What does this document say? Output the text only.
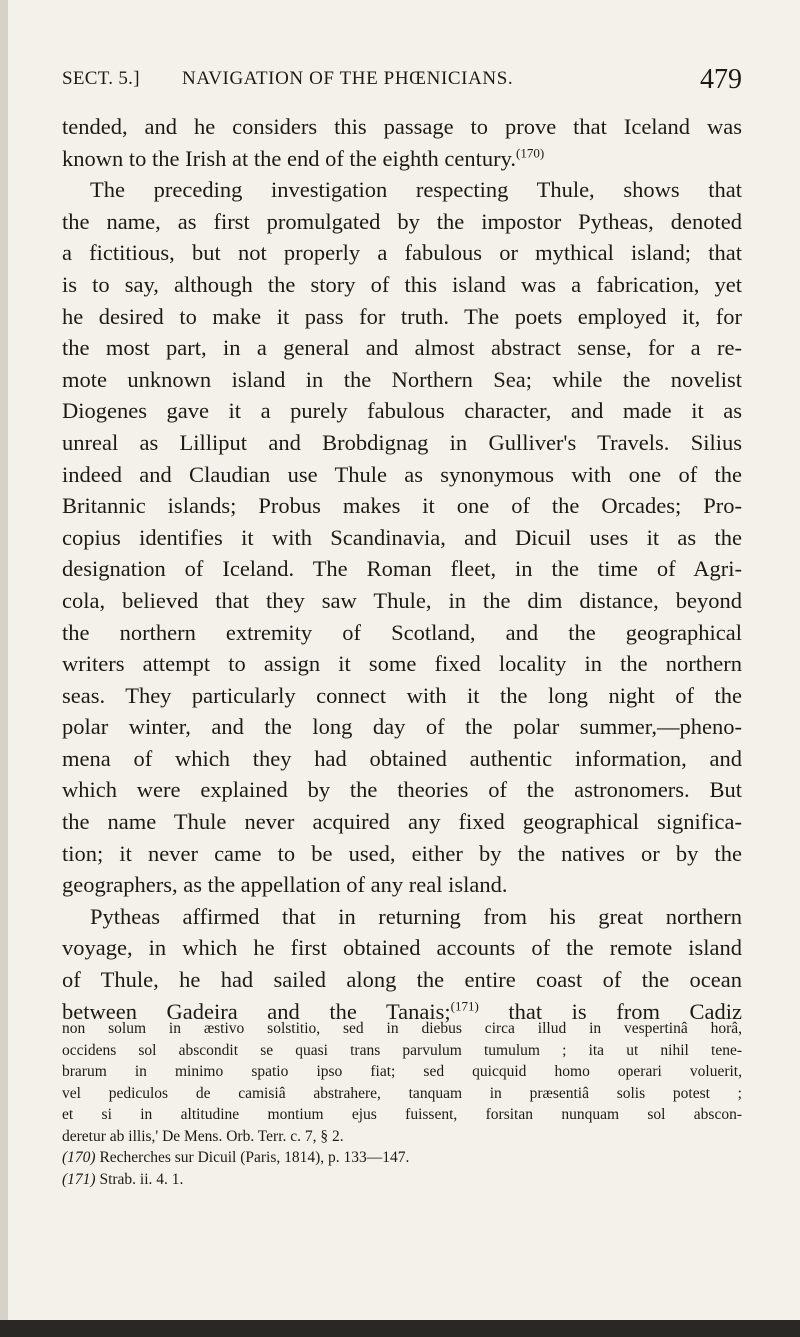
SECT. 5.] NAVIGATION OF THE PHŒNICIANS.	479
tended, and he considers this passage to prove that Iceland was
known to the Irish at the end of the eighth century.$^{(170)}$
The preceding investigation respecting Thule, shows that
the name, as first promulgated by the impostor Pytheas, denoted
a fictitious, but not properly a fabulous or mythical island; that
is to say, although the story of this island was a fabrication, yet
he desired to make it pass for truth. The poets employed it, for
the most part, in a general and almost abstract sense, for a re-
mote unknown island in the Northern Sea; while the novelist
Diogenes gave it a purely fabulous character, and made it as
unreal as Lilliput and Brobdignag in Gulliver's Travels. Silius
indeed and Claudian use Thule as synonymous with one of the
Britannic islands; Probus makes it one of the Orcades; Pro-
copius identifies it with Scandinavia, and Dicuil uses it as the
designation of Iceland. The Roman fleet, in the time of Agri-
cola, believed that they saw Thule, in the dim distance, beyond
the northern extremity of Scotland, and the geographical
writers attempt to assign it some fixed locality in the northern
seas. They particularly connect with it the long night of the
polar winter, and the long day of the polar summer,—pheno-
mena of which they had obtained authentic information, and
which were explained by the theories of the astronomers. But
the name Thule never acquired any fixed geographical significa-
tion; it never came to be used, either by the natives or by the
geographers, as the appellation of any real island.
Pytheas affirmed that in returning from his great northern
voyage, in which he first obtained accounts of the remote island
of Thule, he had sailed along the entire coast of the ocean
between Gadeira and the Tanais;$^{(171)}$ that is from Cadiz
non solum in æstivo solstitio, sed in diebus circa illud in vespertinâ horâ,
occidens sol abscondit se quasi trans parvulum tumulum ; ita ut nihil tene-
brarum in minimo spatio ipso fiat; sed quicquid homo operari voluerit,
vel pediculos de camisiâ abstrahere, tanquam in præsentiâ solis potest ;
et si in altitudine montium ejus fuissent, forsitan nunquam sol abscon-
deretur ab illis,' De Mens. Orb. Terr. c. 7, § 2.
(170) Recherches sur Dicuil (Paris, 1814), p. 133—147.
(171) Strab. ii. 4. 1.
